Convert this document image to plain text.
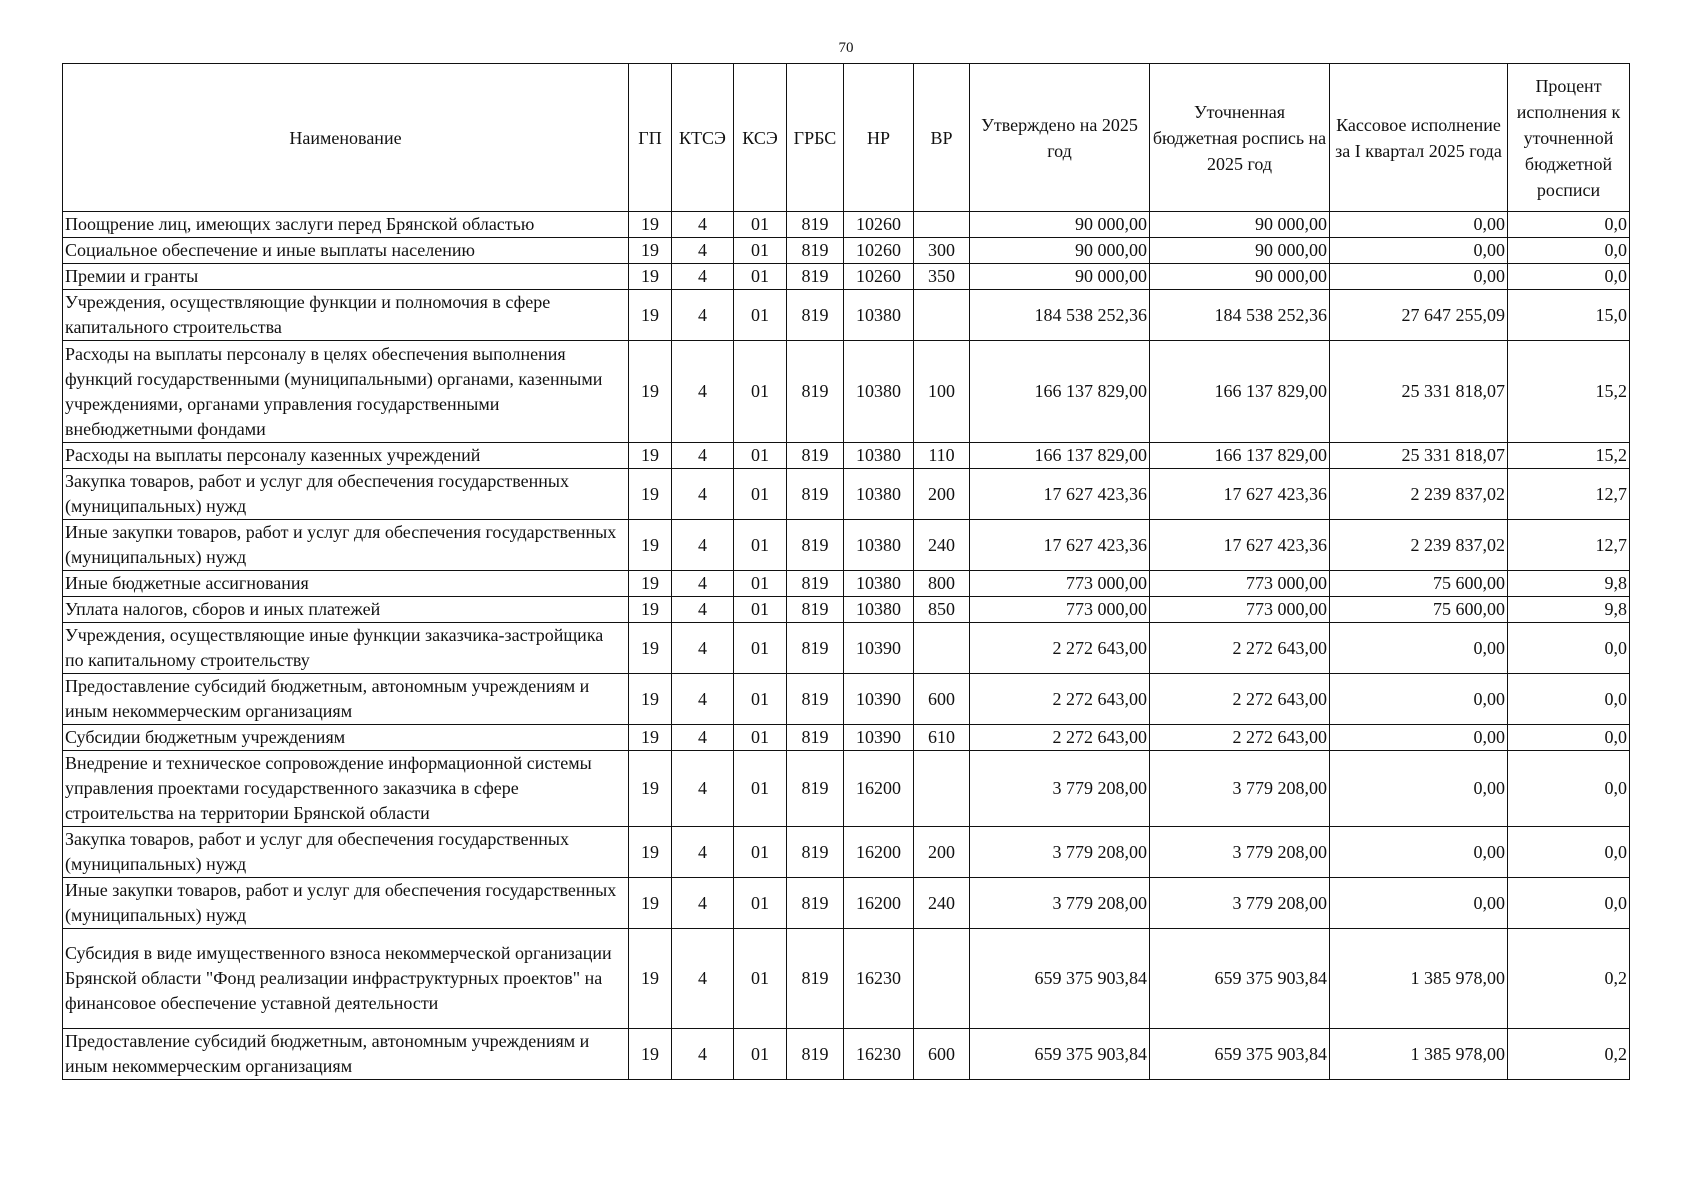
70
Наименование	ГП	КТСЭ	КСЭ	ГРБС	НР	ВР	Утверждено на 2025 год	Уточненная бюджетная роспись на 2025 год	Кассовое исполнение за I квартал 2025 года	Процент исполнения к уточненной бюджетной росписи
Поощрение лиц, имеющих заслуги перед Брянской областью	19	4	01	819	10260		90 000,00	90 000,00	0,00	0,0
Социальное обеспечение и иные выплаты населению	19	4	01	819	10260	300	90 000,00	90 000,00	0,00	0,0
Премии и гранты	19	4	01	819	10260	350	90 000,00	90 000,00	0,00	0,0
Учреждения, осуществляющие функции и полномочия в сфере капитального строительства	19	4	01	819	10380		184 538 252,36	184 538 252,36	27 647 255,09	15,0
Расходы на выплаты персоналу в целях обеспечения выполнения функций государственными (муниципальными) органами, казенными учреждениями, органами управления государственными внебюджетными фондами	19	4	01	819	10380	100	166 137 829,00	166 137 829,00	25 331 818,07	15,2
Расходы на выплаты персоналу казенных учреждений	19	4	01	819	10380	110	166 137 829,00	166 137 829,00	25 331 818,07	15,2
Закупка товаров, работ и услуг для обеспечения государственных (муниципальных) нужд	19	4	01	819	10380	200	17 627 423,36	17 627 423,36	2 239 837,02	12,7
Иные закупки товаров, работ и услуг для обеспечения государственных (муниципальных) нужд	19	4	01	819	10380	240	17 627 423,36	17 627 423,36	2 239 837,02	12,7
Иные бюджетные ассигнования	19	4	01	819	10380	800	773 000,00	773 000,00	75 600,00	9,8
Уплата налогов, сборов и иных платежей	19	4	01	819	10380	850	773 000,00	773 000,00	75 600,00	9,8
Учреждения, осуществляющие иные функции заказчика-застройщика по капитальному строительству	19	4	01	819	10390		2 272 643,00	2 272 643,00	0,00	0,0
Предоставление субсидий бюджетным, автономным учреждениям и иным некоммерческим организациям	19	4	01	819	10390	600	2 272 643,00	2 272 643,00	0,00	0,0
Субсидии бюджетным учреждениям	19	4	01	819	10390	610	2 272 643,00	2 272 643,00	0,00	0,0
Внедрение и техническое сопровождение информационной системы управления проектами государственного заказчика в сфере строительства на территории Брянской области	19	4	01	819	16200		3 779 208,00	3 779 208,00	0,00	0,0
Закупка товаров, работ и услуг для обеспечения государственных (муниципальных) нужд	19	4	01	819	16200	200	3 779 208,00	3 779 208,00	0,00	0,0
Иные закупки товаров, работ и услуг для обеспечения государственных (муниципальных) нужд	19	4	01	819	16200	240	3 779 208,00	3 779 208,00	0,00	0,0
Субсидия в виде имущественного взноса некоммерческой организации Брянской области "Фонд реализации инфраструктурных проектов" на финансовое обеспечение уставной деятельности	19	4	01	819	16230		659 375 903,84	659 375 903,84	1 385 978,00	0,2
Предоставление субсидий бюджетным, автономным учреждениям и иным некоммерческим организациям	19	4	01	819	16230	600	659 375 903,84	659 375 903,84	1 385 978,00	0,2
